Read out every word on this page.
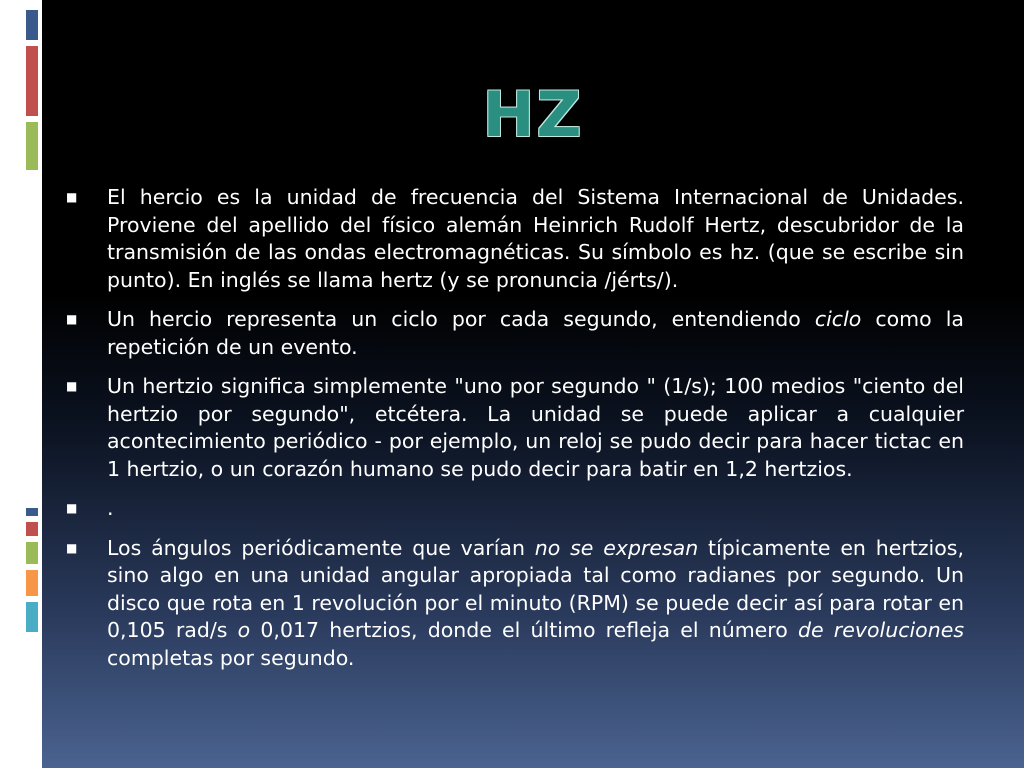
HZ
■	El hercio es la unidad de frecuencia del Sistema Internacional de Unidades. Proviene del apellido del físico alemán Heinrich Rudolf Hertz, descubridor de la transmisión de las ondas electromagnéticas. Su símbolo es hz. (que se escribe sin punto). En inglés se llama hertz (y se pronuncia /jérts/).
■	Un hercio representa un ciclo por cada segundo, entendiendo ciclo como la repetición de un evento.
■	Un hertzio significa simplemente "uno por segundo " (1/s); 100 medios "ciento del hertzio por segundo", etcétera. La unidad se puede aplicar a cualquier acontecimiento periódico - por ejemplo, un reloj se pudo decir para hacer tictac en 1 hertzio, o un corazón humano se pudo decir para batir en 1,2 hertzios.
■	.
■	Los ángulos periódicamente que varían no se expresan típicamente en hertzios, sino algo en una unidad angular apropiada tal como radianes por segundo. Un disco que rota en 1 revolución por el minuto (RPM) se puede decir así para rotar en 0,105 rad/s o 0,017 hertzios, donde el último refleja el número de revoluciones completas por segundo.
